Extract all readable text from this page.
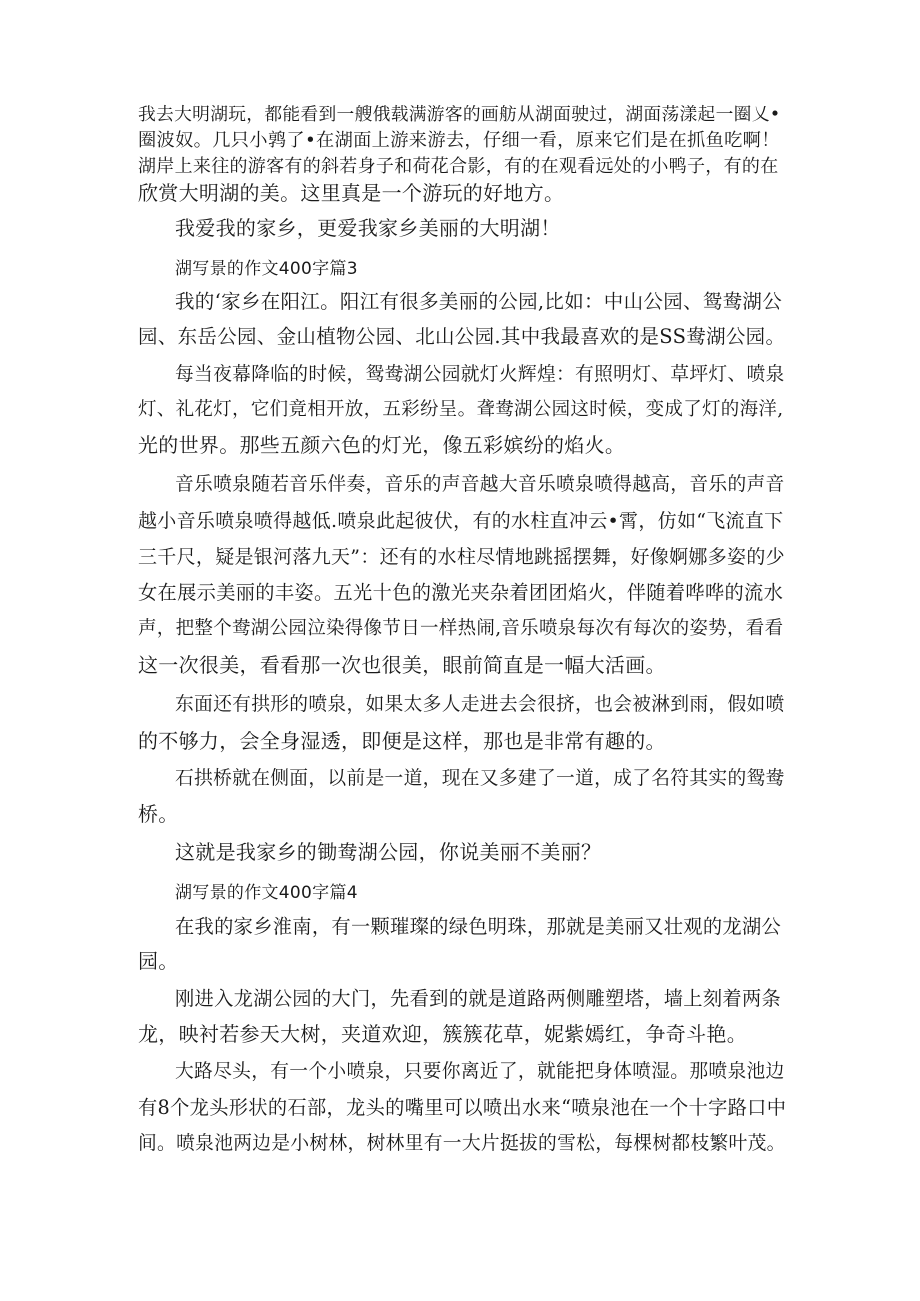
我去大明湖玩，都能看到一艘俄载满游客的画舫从湖面驶过，湖面荡漾起一圈乂•
圈波奴。几只小鹑了•在湖面上游来游去，仔细一看，原来它们是在抓鱼吃啊！
湖岸上来往的游客有的斜若身子和荷花合影，有的在观看远处的小鸭子，有的在
欣赏大明湖的美。这里真是一个游玩的好地方。
我爱我的家乡，更爱我家乡美丽的大明湖！
湖写景的作文400字篇3
我的‘家乡在阳江。阳江有很多美丽的公园,比如：中山公园、鸳鸯湖公
园、东岳公园、金山植物公园、北山公园.其中我最喜欢的是SS鸯湖公园。
每当夜幕降临的时候，鸳鸯湖公园就灯火辉煌：有照明灯、草坪灯、喷泉
灯、礼花灯，它们竟相开放，五彩纷呈。聋鸯湖公园这时候，变成了灯的海洋,
光的世界。那些五颜六色的灯光，像五彩嫔纷的焰火。
音乐喷泉随若音乐伴奏，音乐的声音越大音乐喷泉喷得越高，音乐的声音
越小音乐喷泉喷得越低.喷泉此起彼伏，有的水柱直冲云•霄，仿如“飞流直下
三千尺，疑是银河落九天”：还有的水柱尽情地跳摇摆舞，好像婀娜多姿的少
女在展示美丽的丰姿。五光十色的激光夹杂着团团焰火，伴随着哗哗的流水
声，把整个鸯湖公园泣染得像节日一样热闹,音乐喷泉每次有每次的姿势，看看
这一次很美，看看那一次也很美，眼前简直是一幅大活画。
东面还有拱形的喷泉，如果太多人走进去会很挤，也会被淋到雨，假如喷
的不够力，会全身湿透，即便是这样，那也是非常有趣的。
石拱桥就在侧面，以前是一道，现在又多建了一道，成了名符其实的鸳鸯
桥。
这就是我家乡的锄鸯湖公园，你说美丽不美丽？
湖写景的作文400字篇4
在我的家乡淮南，有一颗璀璨的绿色明珠，那就是美丽又壮观的龙湖公
园。
刚进入龙湖公园的大门，先看到的就是道路两侧雕塑塔，墙上刻着两条
龙，映衬若参天大树，夹道欢迎，簇簇花草，妮紫嫣红，争奇斗艳。
大路尽头，有一个小喷泉，只要你离近了，就能把身体喷湿。那喷泉池边
有8个龙头形状的石部，龙头的嘴里可以喷出水来“喷泉池在一个十字路口中
间。喷泉池两边是小树林，树林里有一大片挺拔的雪松，每棵树都枝繁叶茂。
